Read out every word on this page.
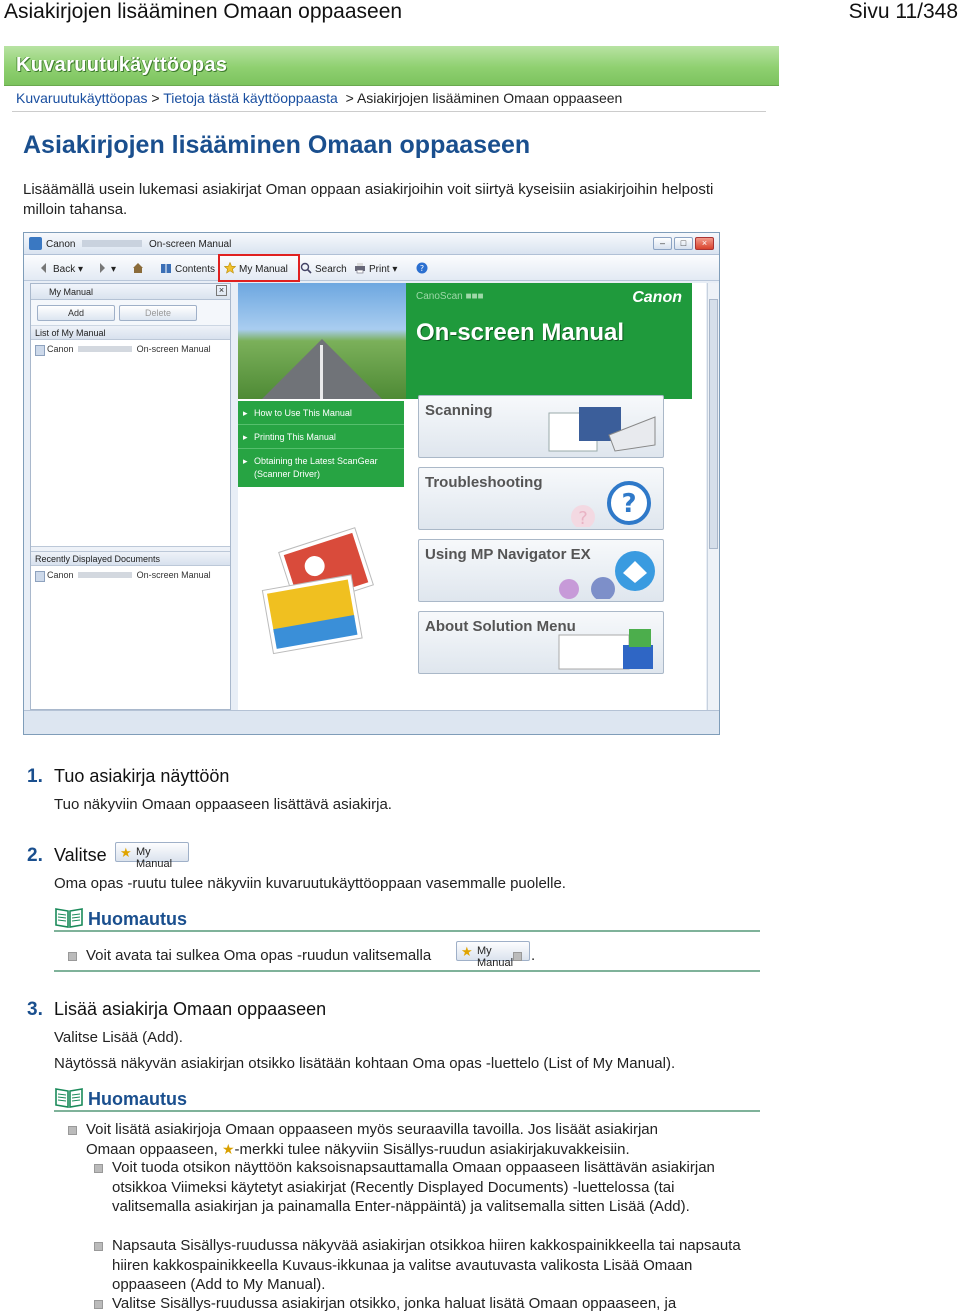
Asiakirjojen lisääminen Omaan oppaaseen	Sivu 11/348
Kuvaruutukäyttöopas
Kuvaruutukäyttöopas > Tietoja tästä käyttöoppaasta > Asiakirjojen lisääminen Omaan oppaaseen
Asiakirjojen lisääminen Omaan oppaaseen

Lisäämällä usein lukemasi asiakirjat Oman oppaan asiakirjoihin voit siirtyä kyseisiin asiakirjoihin helposti milloin tahansa.

Canon	On-screen Manual	–	□	×
Back ▾	▾	Contents	My Manual	Search	Print ▾	?
My Manual	×
Add	Delete
List of My Manual
Canon	On-screen Manual
Recently Displayed Documents
Canon	On-screen Manual
CanoScan ■■■	Canon
On-screen Manual
▸ How to Use This Manual
▸ Printing This Manual
▸ Obtaining the Latest ScanGear (Scanner Driver)
Scanning
Troubleshooting
?
?
Using MP Navigator EX
About Solution Menu
1. Tuo asiakirja näyttöön

Tuo näkyviin Omaan oppaaseen lisättävä asiakirja.

2. Valitse ★ My Manual

Oma opas -ruutu tulee näkyviin kuvaruutukäyttöoppaan vasemmalle puolelle.

Huomautus

Voit avata tai sulkea Oma opas -ruudun valitsemalla ★ My Manual	.
3. Lisää asiakirja Omaan oppaaseen

Valitse Lisää (Add).

Näytössä näkyvän asiakirjan otsikko lisätään kohtaan Oma opas -luettelo (List of My Manual).

Huomautus

Voit lisätä asiakirjoja Omaan oppaaseen myös seuraavilla tavoilla. Jos lisäät asiakirjan
Omaan oppaaseen, ★-merkki tulee näkyviin Sisällys-ruudun asiakirjakuvakkeisiin.

Voit tuoda otsikon näyttöön kaksoisnapsauttamalla Omaan oppaaseen lisättävän asiakirjan otsikkoa Viimeksi käytetyt asiakirjat (Recently Displayed Documents) -luettelossa (tai valitsemalla asiakirjan ja painamalla Enter-näppäintä) ja valitsemalla sitten Lisää (Add).

Napsauta Sisällys-ruudussa näkyvää asiakirjan otsikkoa hiiren kakkospainikkeella tai napsauta hiiren kakkospainikkeella Kuvaus-ikkunaa ja valitse avautuvasta valikosta Lisää Omaan oppaaseen (Add to My Manual).

Valitse Sisällys-ruudussa asiakirjan otsikko, jonka haluat lisätä Omaan oppaaseen, ja
